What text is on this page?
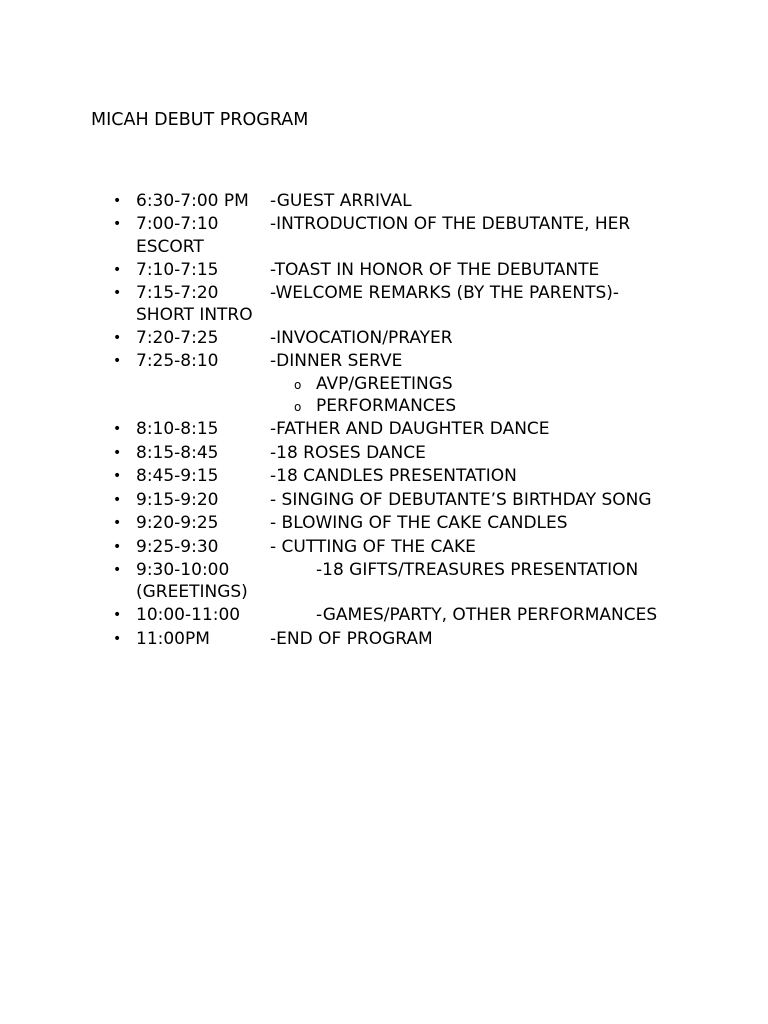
MICAH DEBUT PROGRAM
• 6:30-7:00 PM -GUEST ARRIVAL
• 7:00-7:10	-INTRODUCTION OF THE DEBUTANTE, HER
ESCORT
• 7:10-7:15	-TOAST IN HONOR OF THE DEBUTANTE
• 7:15-7:20	-WELCOME REMARKS (BY THE PARENTS)-
SHORT INTRO
• 7:20-7:25	-INVOCATION/PRAYER
• 7:25-8:10	-DINNER SERVE
o AVP/GREETINGS
o PERFORMANCES
• 8:10-8:15	-FATHER AND DAUGHTER DANCE
• 8:15-8:45	-18 ROSES DANCE
• 8:45-9:15	-18 CANDLES PRESENTATION
• 9:15-9:20	- SINGING OF DEBUTANTE’S BIRTHDAY SONG
• 9:20-9:25	- BLOWING OF THE CAKE CANDLES
• 9:25-9:30	- CUTTING OF THE CAKE
• 9:30-10:00	-18 GIFTS/TREASURES PRESENTATION
(GREETINGS)
• 10:00-11:00	-GAMES/PARTY, OTHER PERFORMANCES
• 11:00PM	-END OF PROGRAM
